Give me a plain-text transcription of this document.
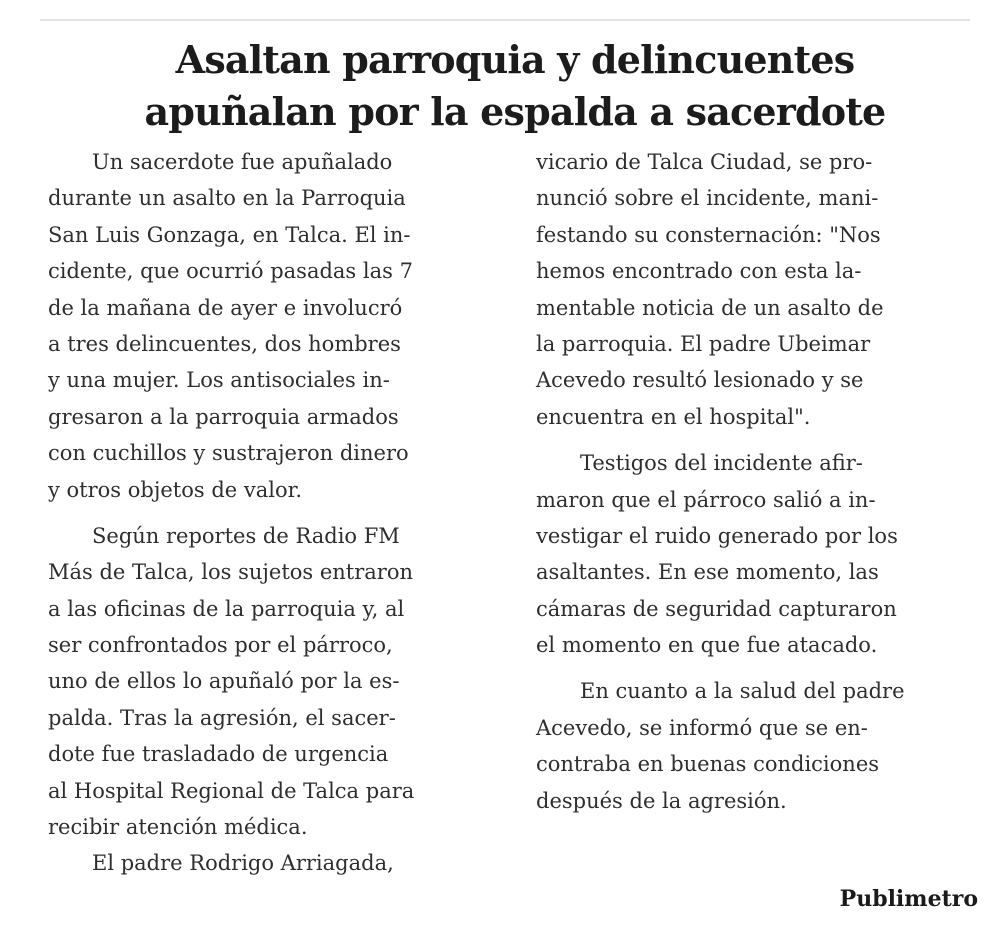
Asaltan parroquia y delincuentes
apuñalan por la espalda a sacerdote
Un sacerdote fue apuñalado
durante un asalto en la Parroquia
San Luis Gonzaga, en Talca. El in-
cidente, que ocurrió pasadas las 7
de la mañana de ayer e involucró
a tres delincuentes, dos hombres
y una mujer. Los antisociales in-
gresaron a la parroquia armados
con cuchillos y sustrajeron dinero
y otros objetos de valor.
Según reportes de Radio FM
Más de Talca, los sujetos entraron
a las oficinas de la parroquia y, al
ser confrontados por el párroco,
uno de ellos lo apuñaló por la es-
palda. Tras la agresión, el sacer-
dote fue trasladado de urgencia
al Hospital Regional de Talca para
recibir atención médica.
El padre Rodrigo Arriagada,
vicario de Talca Ciudad, se pro-
nunció sobre el incidente, mani-
festando su consternación: "Nos
hemos encontrado con esta la-
mentable noticia de un asalto de
la parroquia. El padre Ubeimar
Acevedo resultó lesionado y se
encuentra en el hospital".
Testigos del incidente afir-
maron que el párroco salió a in-
vestigar el ruido generado por los
asaltantes. En ese momento, las
cámaras de seguridad capturaron
el momento en que fue atacado.
En cuanto a la salud del padre
Acevedo, se informó que se en-
contraba en buenas condiciones
después de la agresión.
Publimetro
